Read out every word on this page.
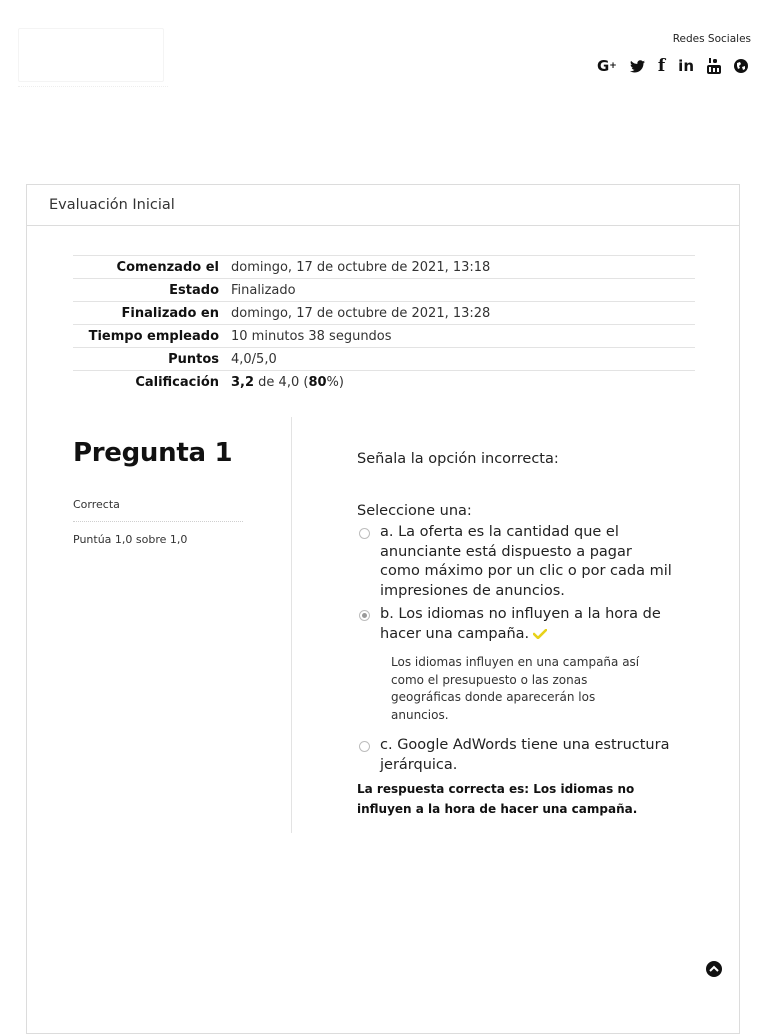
Redes Sociales
G + f in
Evaluación Inicial
Comenzado el	domingo, 17 de octubre de 2021, 13:18
Estado	Finalizado
Finalizado en	domingo, 17 de octubre de 2021, 13:28
Tiempo empleado	10 minutos 38 segundos
Puntos	4,0/5,0
Calificación	3,2 de 4,0 (80%)
Pregunta 1
Correcta
Puntúa 1,0 sobre 1,0

Señala la opción incorrecta:

Seleccione una:
a. La oferta es la cantidad que el anunciante está dispuesto a pagar como máximo por un clic o por cada mil impresiones de anuncios.
b. Los idiomas no influyen a la hora de hacer una campaña.
Los idiomas influyen en una campaña así como el presupuesto o las zonas geográficas donde aparecerán los anuncios.
c. Google AdWords tiene una estructura jerárquica.
La respuesta correcta es: Los idiomas no influyen a la hora de hacer una campaña.
